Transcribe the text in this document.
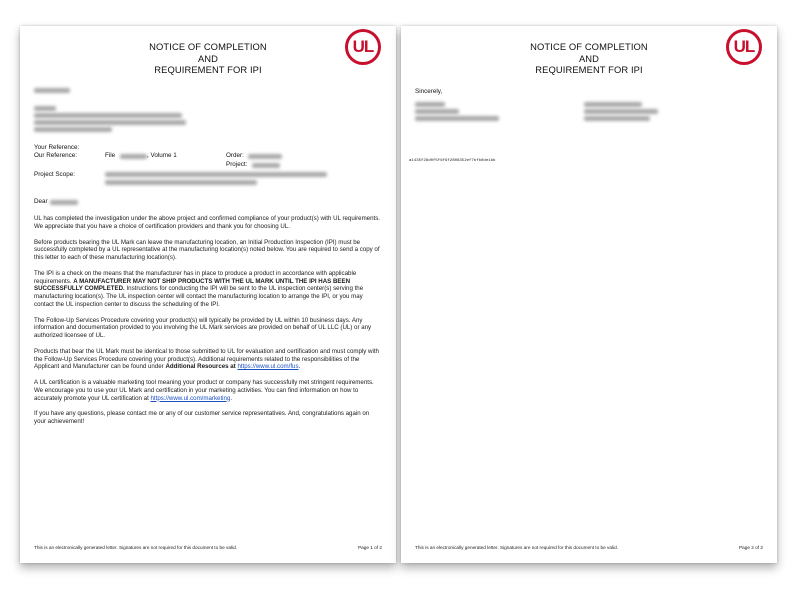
NOTICE OF COMPLETION
AND
REQUIREMENT FOR IPI
UL
Your Reference:
Our Reference:	File	, Volume 1	Order:
Project:
Project Scope:
Dear

UL has completed the investigation under the above project and confirmed compliance of your product(s) with UL requirements. We appreciate that you have a choice of certification providers and thank you for choosing UL.

Before products bearing the UL Mark can leave the manufacturing location, an Initial Production Inspection (IPI) must be successfully completed by a UL representative at the manufacturing location(s) noted below. You are required to send a copy of this letter to each of these manufacturing location(s).

The IPI is a check on the means that the manufacturer has in place to produce a product in accordance with applicable requirements. A MANUFACTURER MAY NOT SHIP PRODUCTS WITH THE UL MARK UNTIL THE IPI HAS BEEN SUCCESSFULLY COMPLETED. Instructions for conducting the IPI will be sent to the UL inspection center(s) serving the manufacturing location(s). The UL inspection center will contact the manufacturing location to arrange the IPI, or you may contact the UL inspection center to discuss the scheduling of the IPI.

The Follow-Up Services Procedure covering your product(s) will typically be provided by UL within 10 business days. Any information and documentation provided to you involving the UL Mark services are provided on behalf of UL LLC (UL) or any authorized licensee of UL.

Products that bear the UL Mark must be identical to those submitted to UL for evaluation and certification and must comply with the Follow-Up Services Procedure covering your product(s). Additional requirements related to the responsibilities of the Applicant and Manufacturer can be found under Additional Resources at https://www.ul.com/fus.

A UL certification is a valuable marketing tool meaning your product or company has successfully met stringent requirements. We encourage you to use your UL Mark and certification in your marketing activities. You can find information on how to accurately promote your UL certification at https://www.ul.com/marketing.

If you have any questions, please contact me or any of our customer service representatives. And, congratulations again on your achievement!

This is an electronically generated letter. Signatures are not required for this document to be valid.	Page 1 of 2
NOTICE OF COMPLETION
AND
REQUIREMENT FOR IPI
UL
Sincerely,
a1435f28d0f5f6f9f2806352ef7bfb0de1bb
This is an electronically generated letter. Signatures are not required for this document to be valid.	Page 2 of 2
